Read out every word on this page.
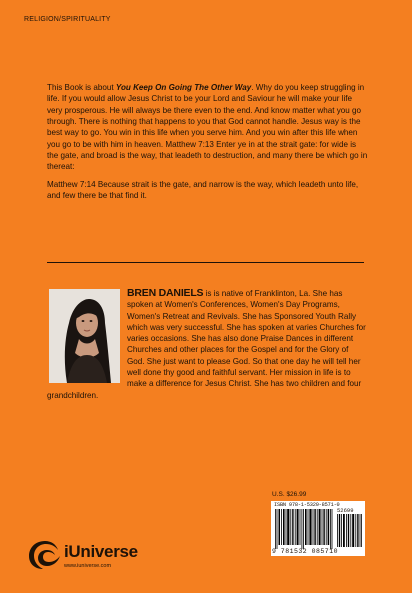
RELIGION/SPIRITUALITY

This Book is about You Keep On Going The Other Way. Why do you keep struggling in life. If you would allow Jesus Christ to be your Lord and Saviour he will make your life very prosperous. He will always be there even to the end. And know matter what you go through. There is nothing that happens to you that God cannot handle. Jesus way is the best way to go. You win in this life when you serve him. And you win after this life when you go to be with him in heaven. Matthew 7:13 Enter ye in at the strait gate: for wide is the gate, and broad is the way, that leadeth to destruction, and many there be which go in thereat:

Matthew 7:14 Because strait is the gate, and narrow is the way, which leadeth unto life, and few there be that find it.

BREN DANIELS is is native of Franklinton, La. She has spoken at Women's Conferences, Women's Day Programs, Women's Retreat and Revivals. She has Sponsored Youth Rally which was very successful. She has spoken at varies Churches for varies occasions. She has also done Praise Dances in different Churches and other places for the Gospel and for the Glory of God. She just want to please God. So that one day he will tell her well done thy good and faithful servant. Her mission in life is to make a difference for Jesus Christ. She has two children and four grandchildren.
U.S. $26.99
ISBN 978-1-5320-8571-0
52699
9 781532 085710
iUniverse
www.iuniverse.com
